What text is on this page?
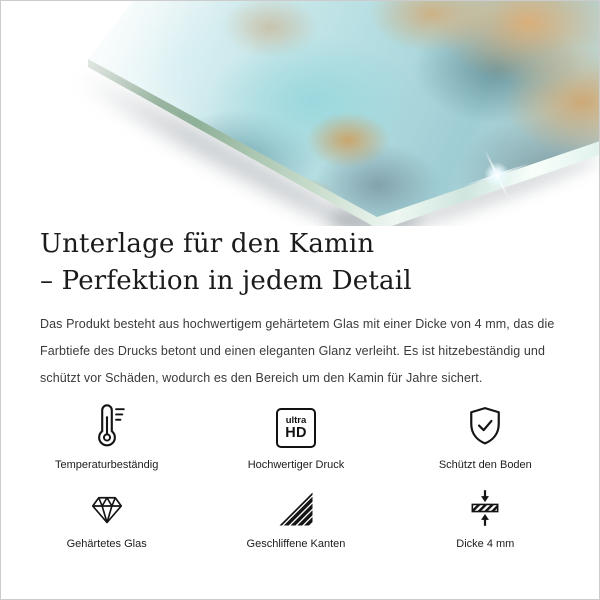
Unterlage für den Kamin
– Perfektion in jedem Detail
Das Produkt besteht aus hochwertigem gehärtetem Glas mit einer Dicke von 4 mm, das die
Farbtiefe des Drucks betont und einen eleganten Glanz verleiht. Es ist hitzebeständig und
schützt vor Schäden, wodurch es den Bereich um den Kamin für Jahre sichert.
Temperaturbeständig
ultra
HD
Hochwertiger Druck	Schützt den Boden
Gehärtetes Glas	Geschliffene Kanten	Dicke 4 mm
